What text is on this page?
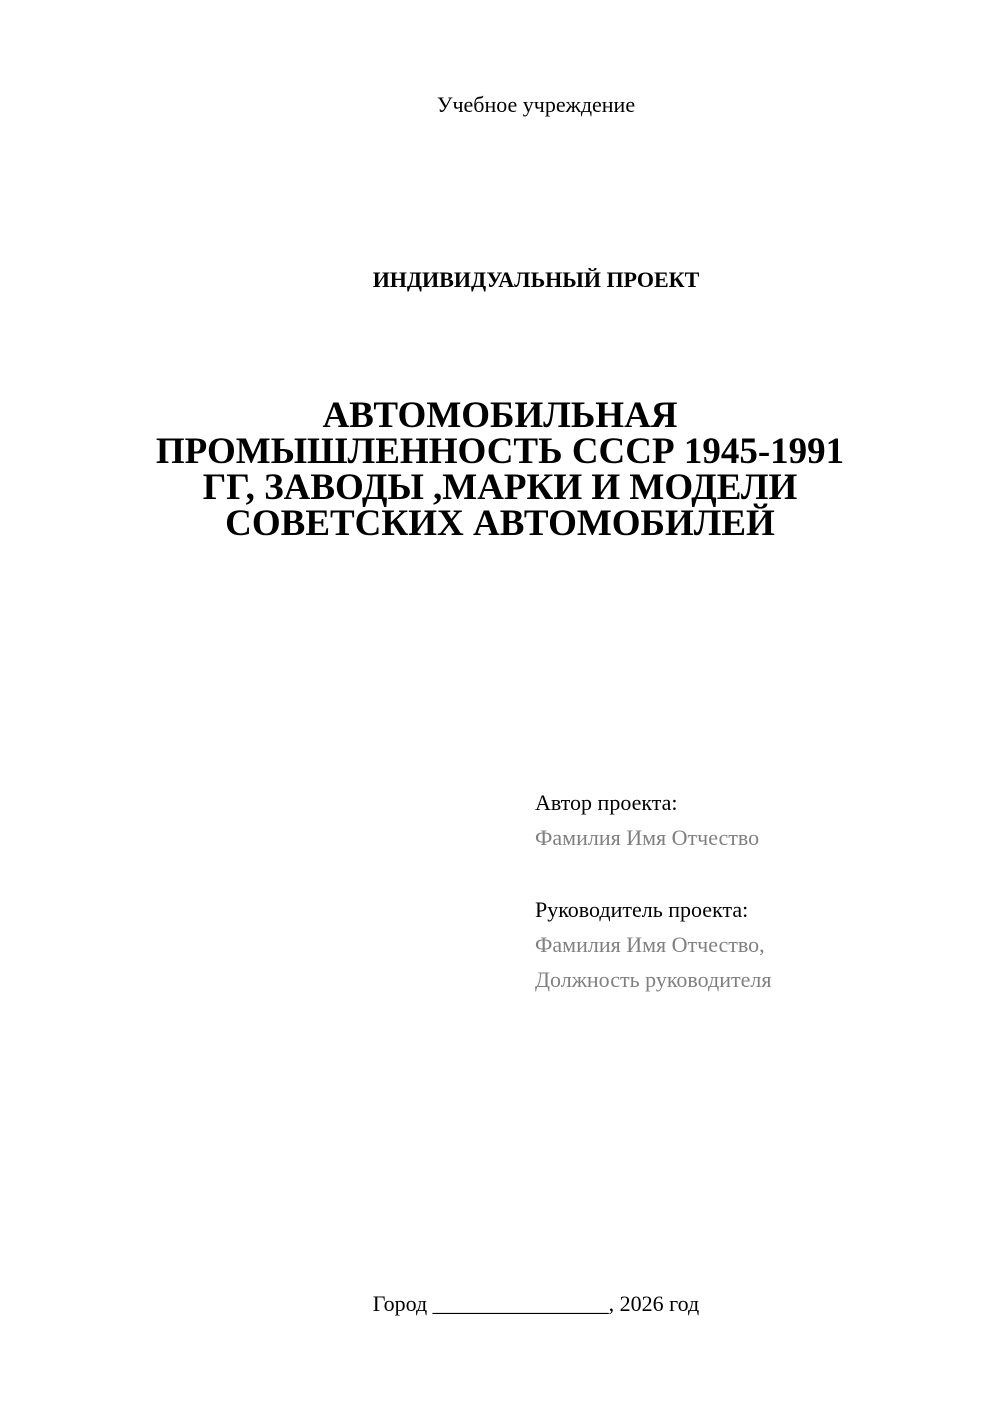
Учебное учреждение
ИНДИВИДУАЛЬНЫЙ ПРОЕКТ
АВТОМОБИЛЬНАЯ
ПРОМЫШЛЕННОСТЬ СССР 1945-1991
ГГ, ЗАВОДЫ ,МАРКИ И МОДЕЛИ
СОВЕТСКИХ АВТОМОБИЛЕЙ
Автор проекта:
Фамилия Имя Отчество
Руководитель проекта:
Фамилия Имя Отчество,
Должность руководителя
Город ________________, 2026 год
